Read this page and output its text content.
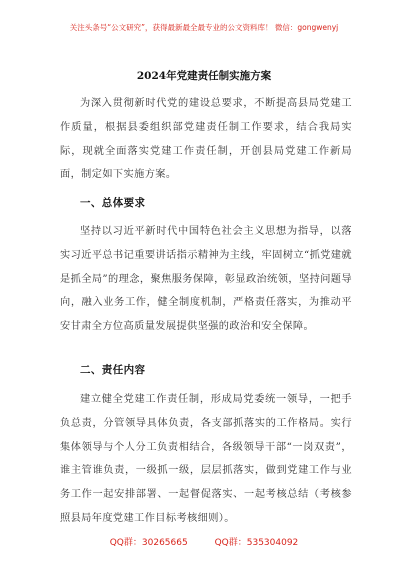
关注头条号“公文研究”，获得最新最全最专业的公文资料库！ 微信：gongwenyj
2024年党建责任制实施方案
为深入贯彻新时代党的建设总要求，不断提高县局党建工作质量，根据县委组织部党建责任制工作要求，结合我局实际，现就全面落实党建工作责任制，开创县局党建工作新局面，制定如下实施方案。
一、总体要求
坚持以习近平新时代中国特色社会主义思想为指导，以落实习近平总书记重要讲话指示精神为主线，牢固树立“抓党建就是抓全局”的理念，聚焦服务保障，彰显政治统领，坚持问题导向，融入业务工作，健全制度机制，严格责任落实，为推动平安甘肃全方位高质量发展提供坚强的政治和安全保障。
二、责任内容
建立健全党建工作责任制，形成局党委统一领导，一把手负总责，分管领导具体负责，各支部抓落实的工作格局。实行集体领导与个人分工负责相结合，各级领导干部“一岗双责”，谁主管谁负责，一级抓一级，层层抓落实，做到党建工作与业务工作一起安排部署、一起督促落实、一起考核总结（考核参照县局年度党建工作目标考核细则）。
QQ群：30265665	QQ群：535304092
